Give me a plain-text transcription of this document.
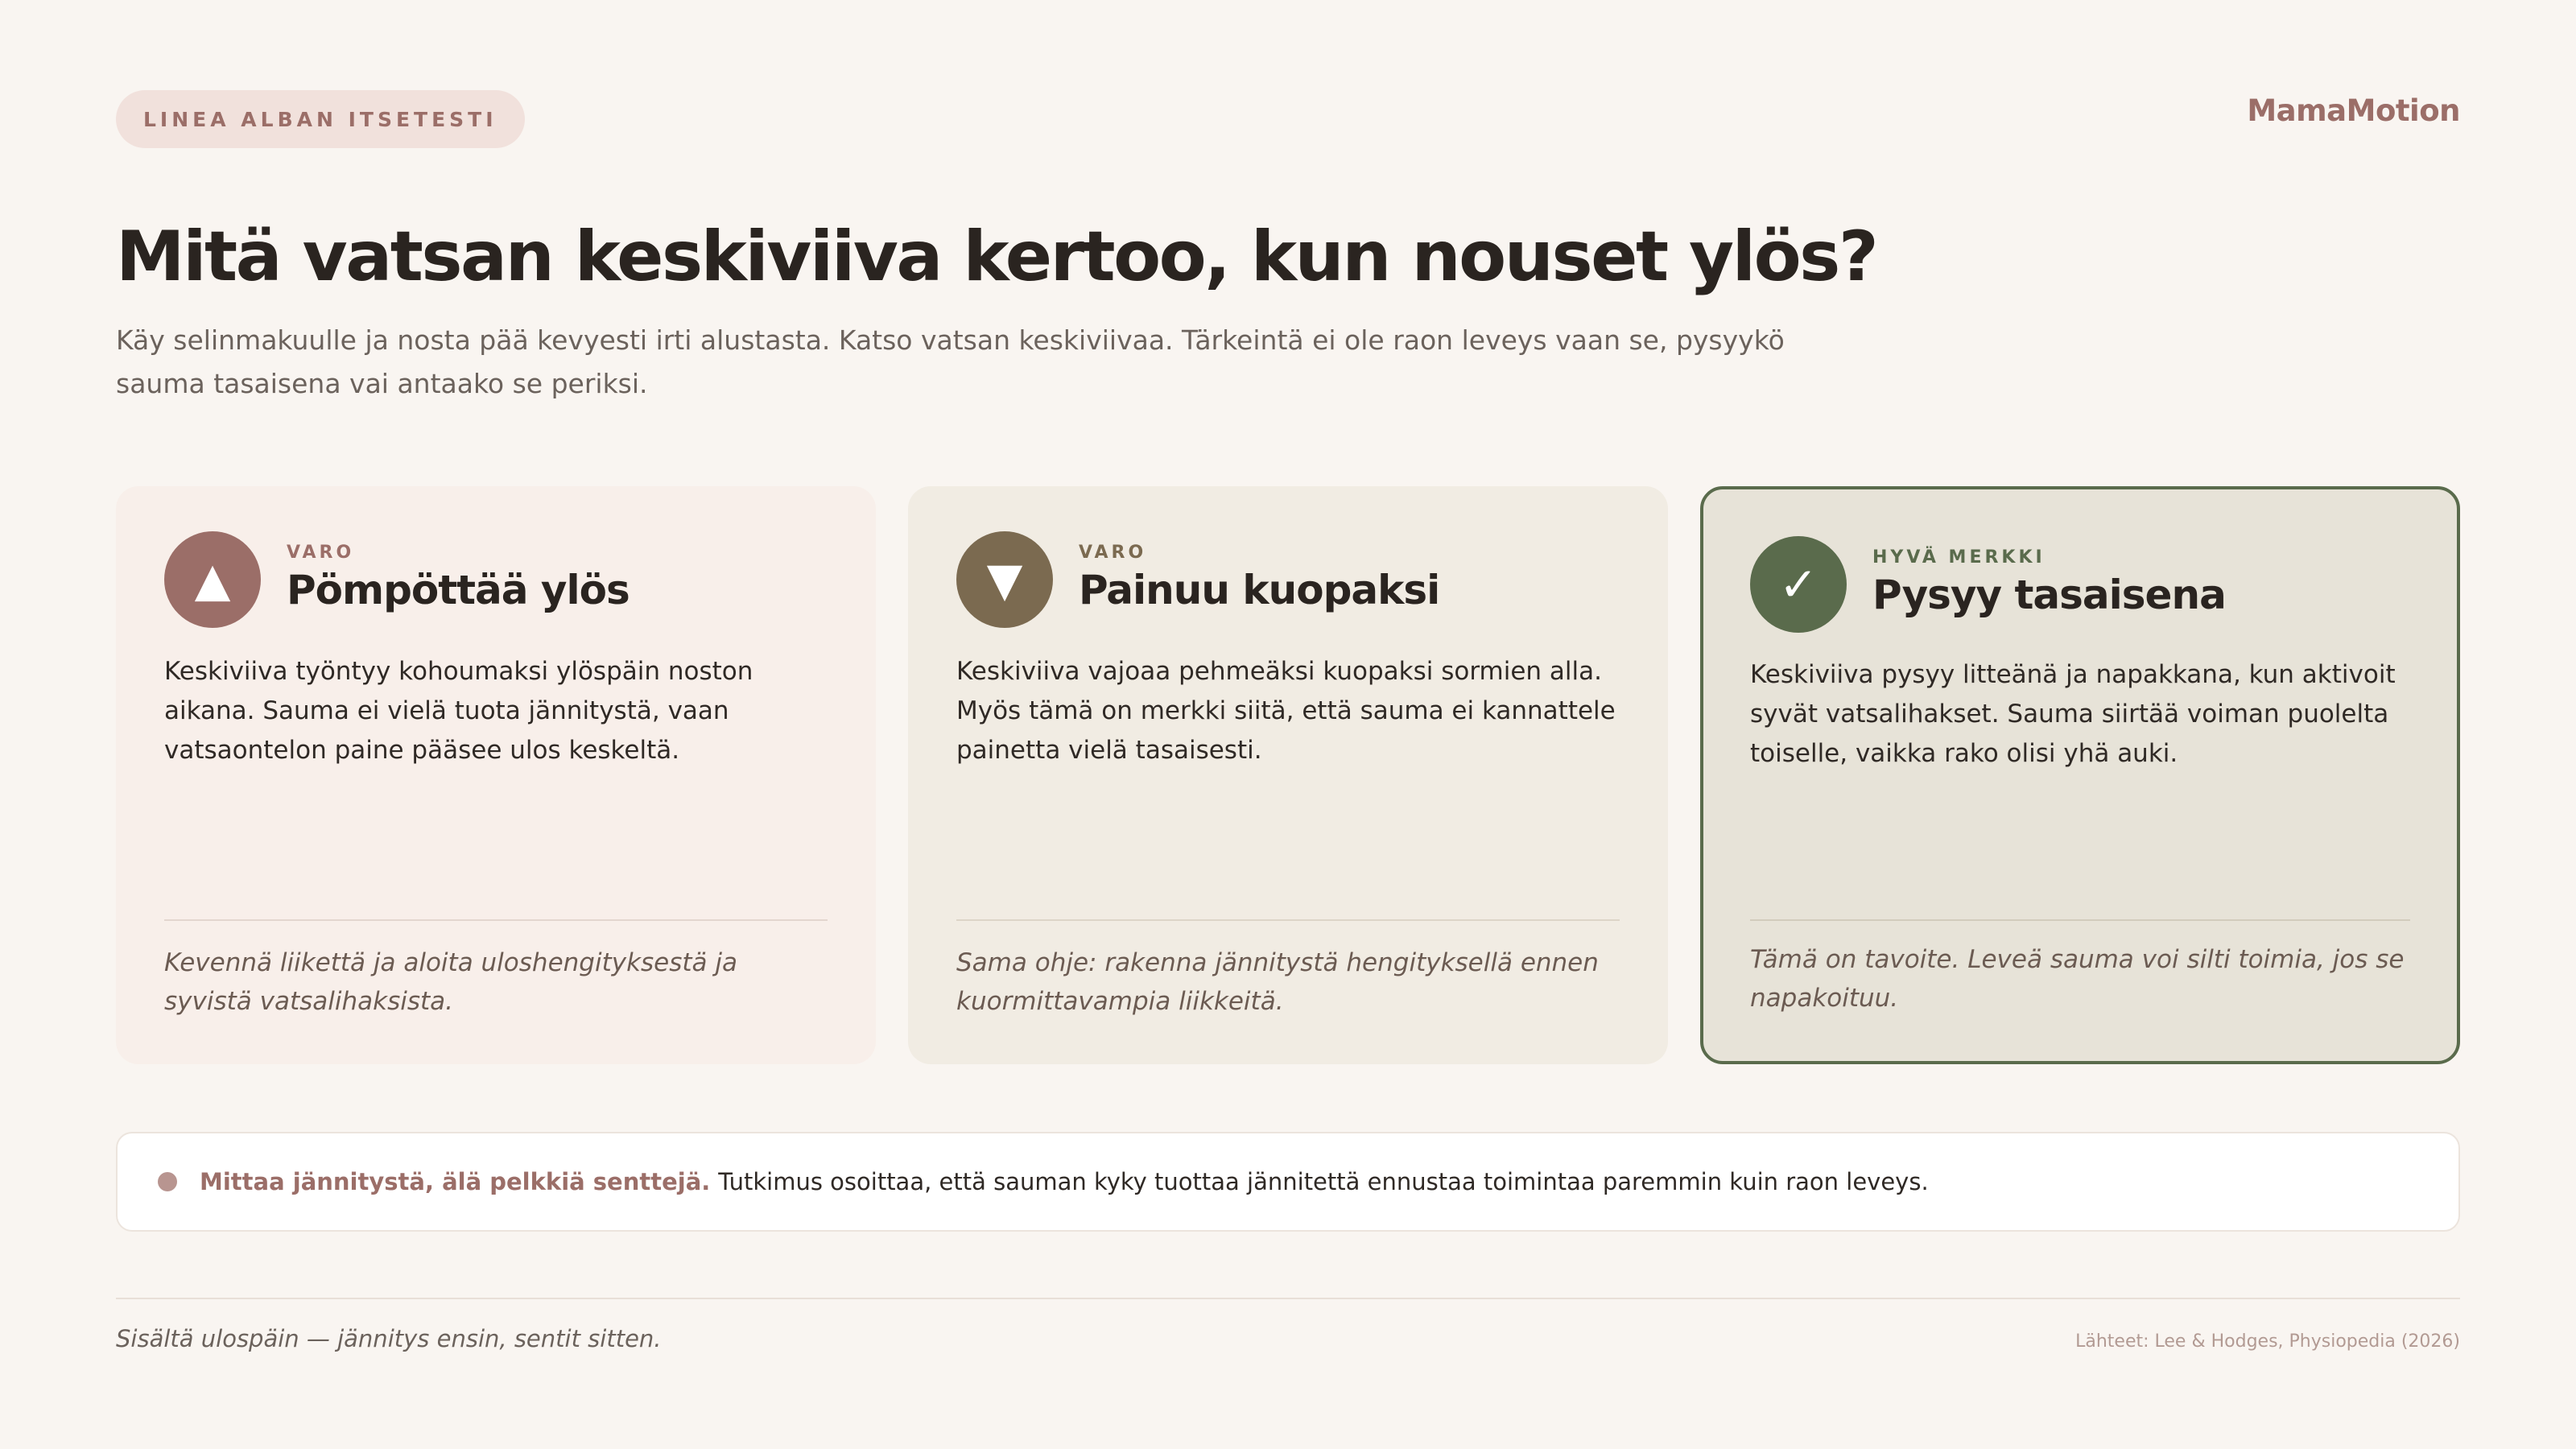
LINEA ALBAN ITSETESTI	MamaMotion
Mitä vatsan keskiviiva kertoo, kun nouset ylös?

Käy selinmakuulle ja nosta pää kevyesti irti alustasta. Katso vatsan keskiviivaa. Tärkeintä ei ole raon leveys vaan se, pysyykö sauma tasaisena vai antaako se periksi.

▲	VARO
Pömpöttää ylös

Keskiviiva työntyy kohoumaksi ylöspäin noston aikana. Sauma ei vielä tuota jännitystä, vaan vatsaontelon paine pääsee ulos keskeltä.

Kevennä liikettä ja aloita uloshengityksestä ja syvistä vatsalihaksista.

▼	VARO
Painuu kuopaksi

Keskiviiva vajoaa pehmeäksi kuopaksi sormien alla. Myös tämä on merkki siitä, että sauma ei kannattele painetta vielä tasaisesti.

Sama ohje: rakenna jännitystä hengityksellä ennen kuormittavampia liikkeitä.

✓	HYVÄ MERKKI
Pysyy tasaisena

Keskiviiva pysyy litteänä ja napakkana, kun aktivoit syvät vatsalihakset. Sauma siirtää voiman puolelta toiselle, vaikka rako olisi yhä auki.

Tämä on tavoite. Leveä sauma voi silti toimia, jos se napakoituu.

Mittaa jännitystä, älä pelkkiä senttejä. Tutkimus osoittaa, että sauman kyky tuottaa jännitettä ennustaa toimintaa paremmin kuin raon leveys.
Sisältä ulospäin — jännitys ensin, sentit sitten.	Lähteet: Lee & Hodges, Physiopedia (2026)
